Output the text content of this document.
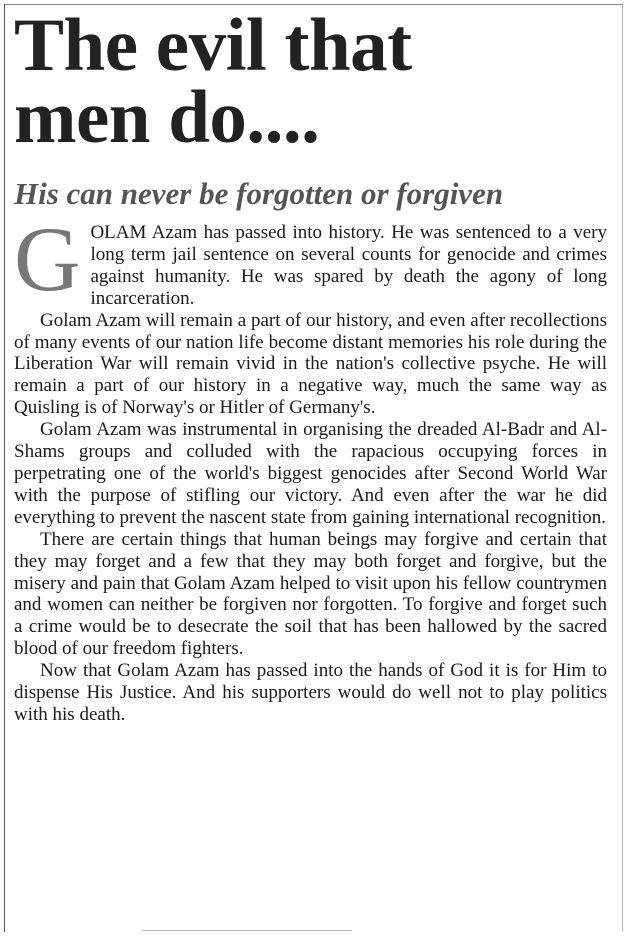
The evil that
men do....
His can never be forgotten or forgiven

GOLAM Azam has passed into history. He was sentenced to a very long term jail sentence on several counts for genocide and crimes against humanity. He was spared by death the agony of long incarceration.

Golam Azam will remain a part of our history, and even after recollections of many events of our nation life become distant memories his role during the Liberation War will remain vivid in the nation's collective psyche. He will remain a part of our history in a negative way, much the same way as Quisling is of Norway's or Hitler of Germany's.

Golam Azam was instrumental in organising the dreaded Al-Badr and Al-Shams groups and colluded with the rapacious occupying forces in perpetrating one of the world's biggest genocides after Second World War with the purpose of stifling our victory. And even after the war he did everything to prevent the nascent state from gaining international recognition.

There are certain things that human beings may forgive and certain that they may forget and a few that they may both forget and forgive, but the misery and pain that Golam Azam helped to visit upon his fellow countrymen and women can neither be forgiven nor forgotten. To forgive and forget such a crime would be to desecrate the soil that has been hallowed by the sacred blood of our freedom fighters.

Now that Golam Azam has passed into the hands of God it is for Him to dispense His Justice. And his supporters would do well not to play politics with his death.
